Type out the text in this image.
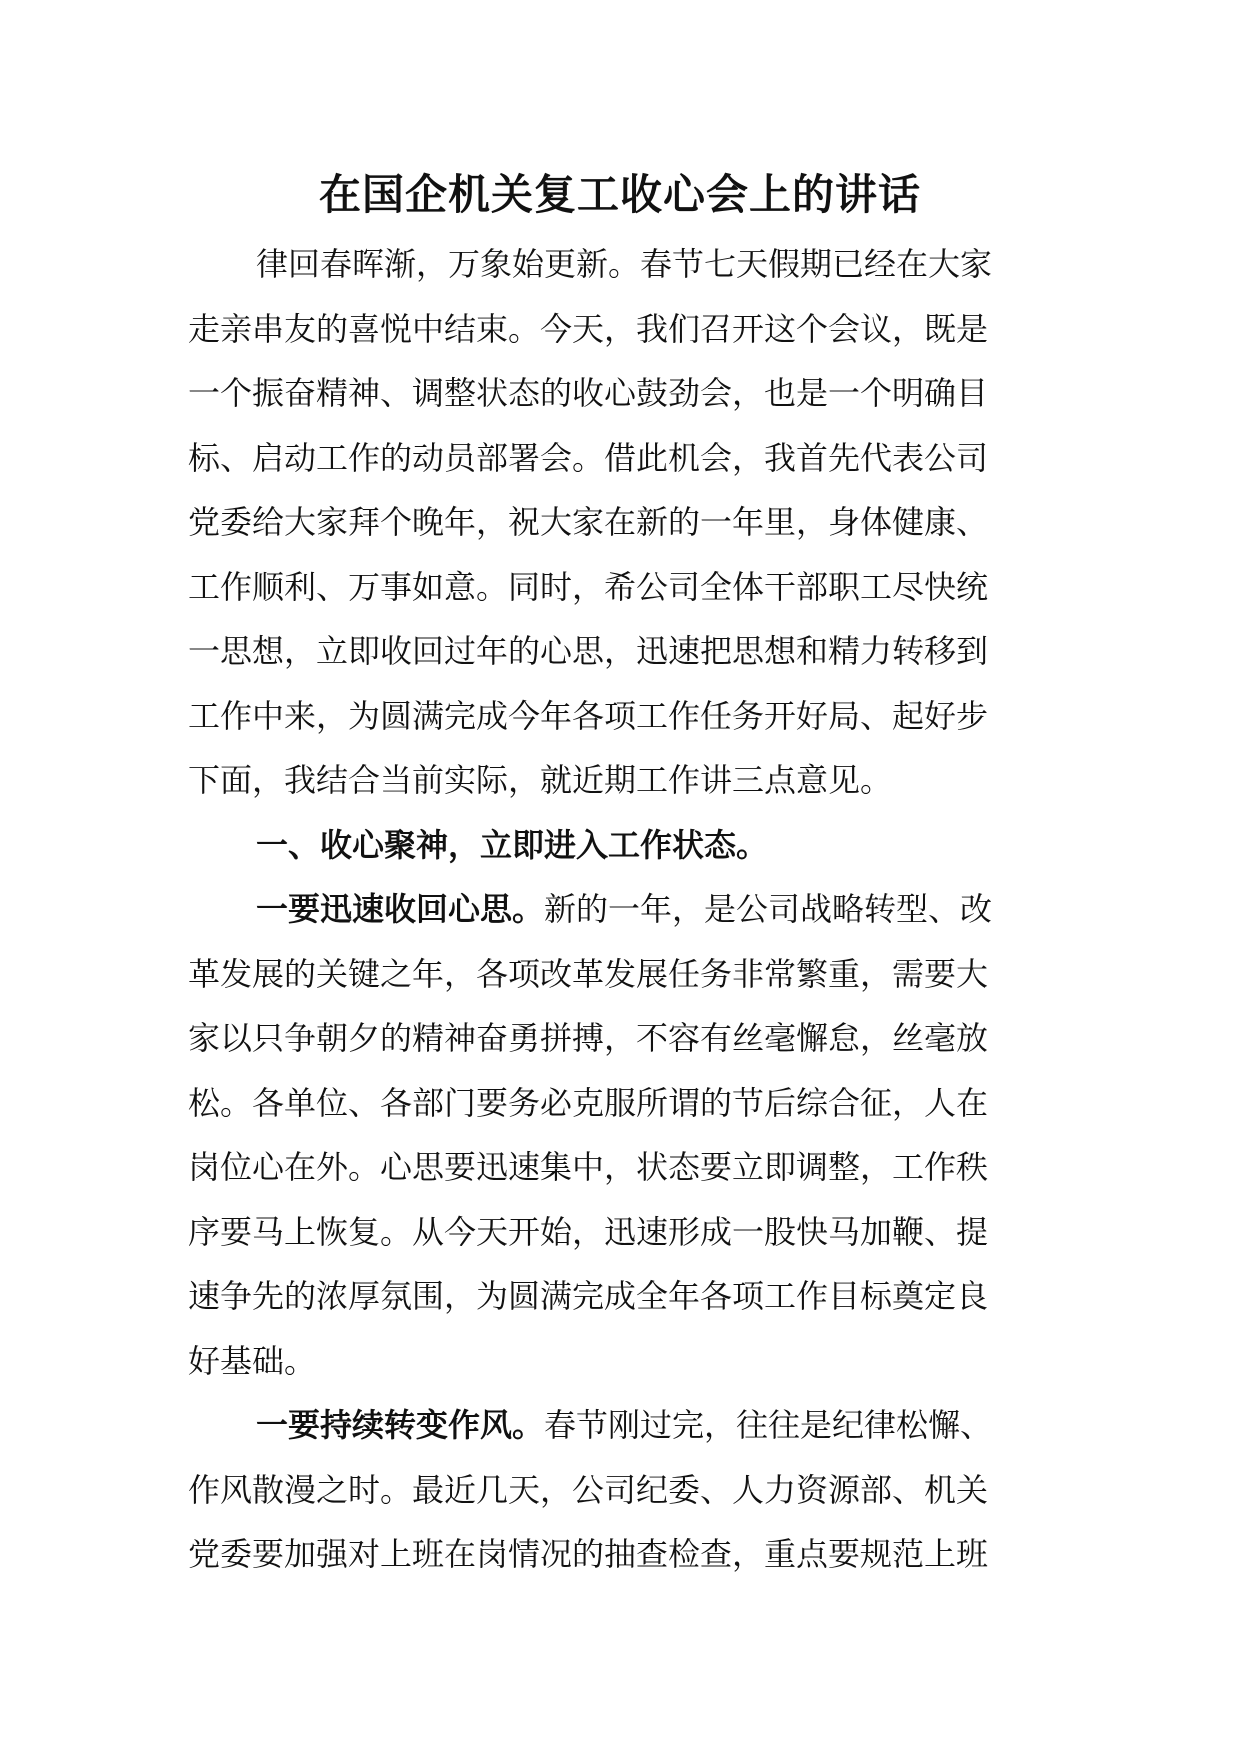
在国企机关复工收心会上的讲话
律回春晖渐，万象始更新。春节七天假期已经在大家
走亲串友的喜悦中结束。今天，我们召开这个会议，既是
一个振奋精神、调整状态的收心鼓劲会，也是一个明确目
标、启动工作的动员部署会。借此机会，我首先代表公司
党委给大家拜个晚年，祝大家在新的一年里，身体健康、
工作顺利、万事如意。同时，希公司全体干部职工尽快统
一思想，立即收回过年的心思，迅速把思想和精力转移到
工作中来，为圆满完成今年各项工作任务开好局、起好步
下面，我结合当前实际，就近期工作讲三点意见。
一、收心聚神，立即进入工作状态。
一要迅速收回心思。新的一年，是公司战略转型、改
革发展的关键之年，各项改革发展任务非常繁重，需要大
家以只争朝夕的精神奋勇拼搏，不容有丝毫懈怠，丝毫放
松。各单位、各部门要务必克服所谓的节后综合征，人在
岗位心在外。心思要迅速集中，状态要立即调整，工作秩
序要马上恢复。从今天开始，迅速形成一股快马加鞭、提
速争先的浓厚氛围，为圆满完成全年各项工作目标奠定良
好基础。
一要持续转变作风。春节刚过完，往往是纪律松懈、
作风散漫之时。最近几天，公司纪委、人力资源部、机关
党委要加强对上班在岗情况的抽查检查，重点要规范上班
